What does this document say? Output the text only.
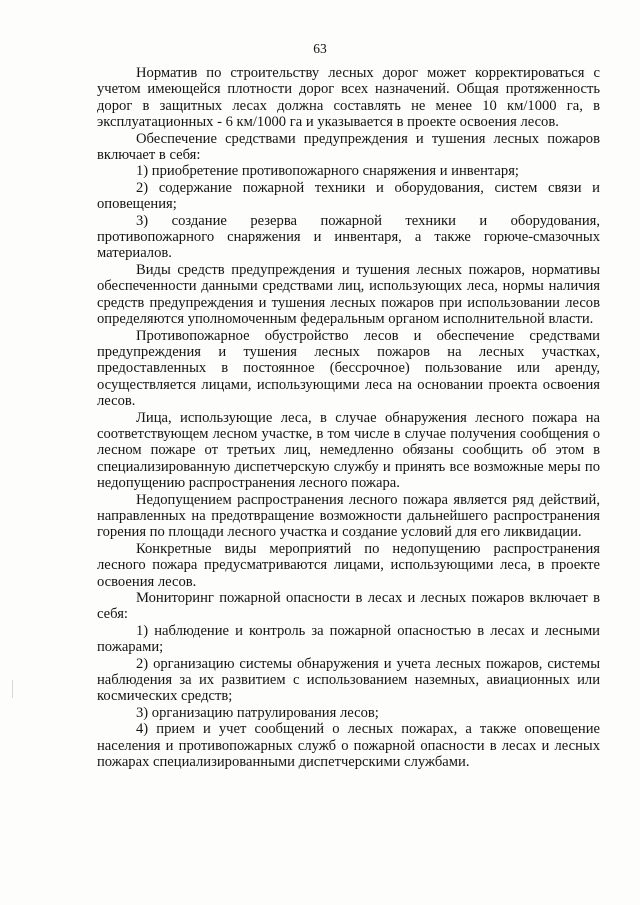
63

Норматив по строительству лесных дорог может корректироваться с учетом имеющейся плотности дорог всех назначений. Общая протяженность дорог в защитных лесах должна составлять не менее 10 км/1000 га, в эксплуатационных - 6 км/1000 га и указывается в проекте освоения лесов.

Обеспечение средствами предупреждения и тушения лесных пожаров включает в себя:

1) приобретение противопожарного снаряжения и инвентаря;

2) содержание пожарной техники и оборудования, систем связи и оповещения;

3) создание резерва пожарной техники и оборудования, противопожарного снаряжения и инвентаря, а также горюче-смазочных материалов.

Виды средств предупреждения и тушения лесных пожаров, нормативы обеспеченности данными средствами лиц, использующих леса, нормы наличия средств предупреждения и тушения лесных пожаров при использовании лесов определяются уполномоченным федеральным органом исполнительной власти.

Противопожарное обустройство лесов и обеспечение средствами предупреждения и тушения лесных пожаров на лесных участках, предоставленных в постоянное (бессрочное) пользование или аренду, осуществляется лицами, использующими леса на основании проекта освоения лесов.

Лица, использующие леса, в случае обнаружения лесного пожара на соответствующем лесном участке, в том числе в случае получения сообщения о лесном пожаре от третьих лиц, немедленно обязаны сообщить об этом в специализированную диспетчерскую службу и принять все возможные меры по недопущению распространения лесного пожара.

Недопущением распространения лесного пожара является ряд действий, направленных на предотвращение возможности дальнейшего распространения горения по площади лесного участка и создание условий для его ликвидации.

Конкретные виды мероприятий по недопущению распространения лесного пожара предусматриваются лицами, использующими леса, в проекте освоения лесов.

Мониторинг пожарной опасности в лесах и лесных пожаров включает в себя:

1) наблюдение и контроль за пожарной опасностью в лесах и лесными пожарами;

2) организацию системы обнаружения и учета лесных пожаров, системы наблюдения за их развитием с использованием наземных, авиационных или космических средств;

3) организацию патрулирования лесов;

4) прием и учет сообщений о лесных пожарах, а также оповещение населения и противопожарных служб о пожарной опасности в лесах и лесных пожарах специализированными диспетчерскими службами.
